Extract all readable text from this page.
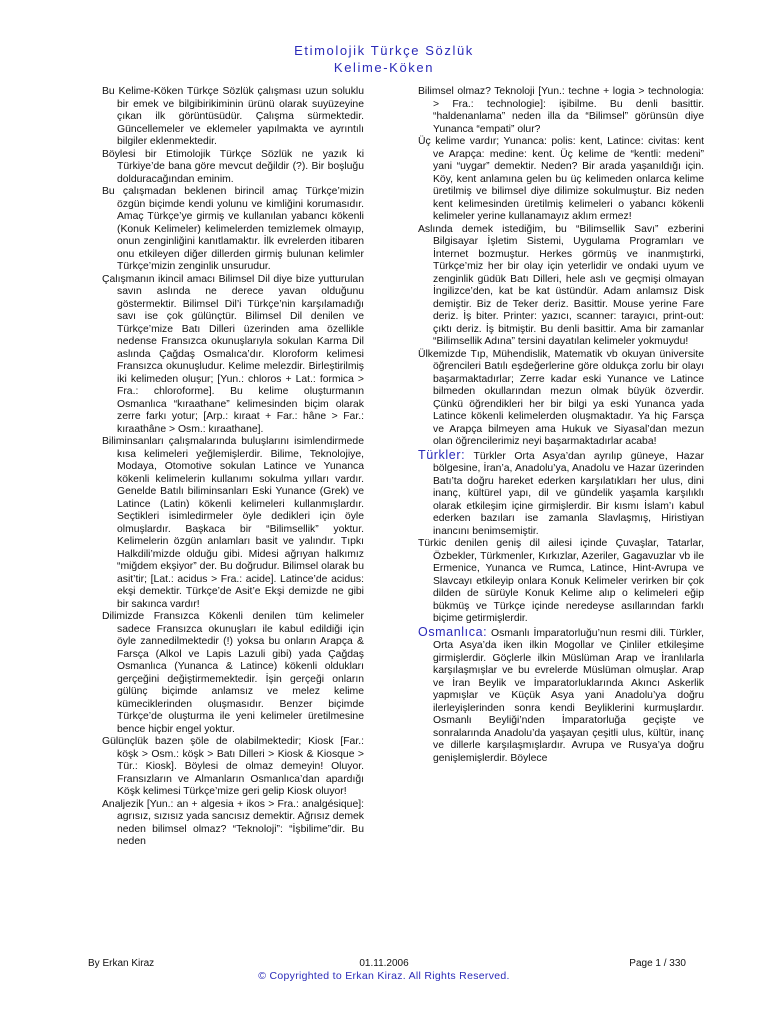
Etimolojik Türkçe Sözlük
Kelime-Köken

Bu Kelime-Köken Türkçe Sözlük çalışması uzun soluklu bir emek ve bilgibirikiminin ürünü olarak suyüzeyine çıkan ilk görüntüsüdür. Çalışma sürmektedir. Güncellemeler ve eklemeler yapılmakta ve ayrıntılı bilgiler eklenmektedir.

Böylesi bir Etimolojik Türkçe Sözlük ne yazık ki Türkiye’de bana göre mevcut değildir (?). Bir boşluğu dolduracağından eminim.

Bu çalışmadan beklenen birincil amaç Türkçe’mizin özgün biçimde kendi yolunu ve kimliğini korumasıdır. Amaç Türkçe’ye girmiş ve kullanılan yabancı kökenli (Konuk Kelimeler) kelimelerden temizlemek olmayıp, onun zenginliğini kanıtlamaktır. İlk evrelerden itibaren onu etkileyen diğer dillerden girmiş bulunan kelimler Türkçe’mizin zenginlik unsurudur.

Çalışmanın ikincil amacı Bilimsel Dil diye bize yutturulan savın aslında ne derece yavan olduğunu göstermektir. Bilimsel Dil’i Türkçe’nin karşılamadığı savı ise çok gülünçtür. Bilimsel Dil denilen ve Türkçe’mize Batı Dilleri üzerinden ama özellikle nedense Fransızca okunuşlarıyla sokulan Karma Dil aslında Çağdaş Osmalıca’dır. Kloroform kelimesi Fransızca okunuşludur. Kelime melezdir. Birleştirilmiş iki kelimeden oluşur; [Yun.: chloros + Lat.: formica > Fra.: chloroforme]. Bu kelime oluşturmanın Osmanlıca “kıraathane” kelimesinden biçim olarak zerre farkı yotur; [Arp.: kıraat + Far.: hâne > Far.: kıraathâne > Osm.: kıraathane].

Biliminsanları çalışmalarında buluşlarını isimlendirmede kısa kelimeleri yeğlemişlerdir. Bilime, Teknolojiye, Modaya, Otomotive sokulan Latince ve Yunanca kökenli kelimelerin kullanımı sokulma yılları vardır. Genelde Batılı biliminsanları Eski Yunance (Grek) ve Latince (Latin) kökenli kelimeleri kullanmışlardır. Seçtikleri isimledirmeler öyle dedikleri için öyle olmuşlardır. Başkaca bir “Bilimsellik” yoktur. Kelimelerin özgün anlamları basit ve yalındır. Tıpkı Halkdili’mizde olduğu gibi. Midesi ağrıyan halkımız “miğdem ekşiyor” der. Bu doğrudur. Bilimsel olarak bu asit’tir; [Lat.: acidus > Fra.: acide]. Latince’de acidus: ekşi demektir. Türkçe’de Asit’e Ekşi demizde ne gibi bir sakınca vardır!

Dilimizde Fransızca Kökenli denilen tüm kelimeler sadece Fransızca okunuşları ile kabul edildiği için öyle zannedilmektedir (!) yoksa bu onların Arapça & Farsça (Alkol ve Lapis Lazuli gibi) yada Çağdaş Osmanlıca (Yunanca & Latince) kökenli oldukları gerçeğini değiştirmemektedir. İşin gerçeği onların gülünç biçimde anlamsız ve melez kelime kümeciklerinden oluşmasıdır. Benzer biçimde Türkçe’de oluşturma ile yeni kelimeler üretilmesine bence hiçbir engel yoktur.

Gülünçlük bazen şöle de olabilmektedir; Kiosk [Far.: köşk > Osm.: köşk > Batı Dilleri > Kiosk & Kiosque > Tür.: Kiosk]. Böylesi de olmaz demeyin! Oluyor. Fransızların ve Almanların Osmanlıca’dan apardığı Köşk kelimesi Türkçe’mize geri gelip Kiosk oluyor!

Analjezik [Yun.: an + algesia + ikos > Fra.: analgésique]: agrısız, sızısız yada sancısız demektir. Ağrısız demek neden bilimsel olmaz? “Teknoloji”: “İşbilime”dir. Bu neden

Bilimsel olmaz? Teknoloji [Yun.: techne + logia > technologia: > Fra.: technologie]: işibilme. Bu denli basittir. “haldenanlama” neden illa da “Bilimsel” görünsün diye Yunanca “empati” olur?

Üç kelime vardır; Yunanca: polis: kent, Latince: civitas: kent ve Arapça: medine: kent. Üç kelime de “kentli: medeni” yani “uygar” demektir. Neden? Bir arada yaşanıldığı için. Köy, kent anlamına gelen bu üç kelimeden onlarca kelime üretilmiş ve bilimsel diye dilimize sokulmuştur. Biz neden kent kelimesinden üretilmiş kelimeleri o yabancı kökenli kelimeler yerine kullanamayız aklım ermez!

Aslında demek istediğim, bu “Bilimsellik Savı” ezberini Bilgisayar İşletim Sistemi, Uygulama Programları ve İnternet bozmuştur. Herkes görmüş ve inanmıştırki, Türkçe’miz her bir olay için yeterlidir ve ondaki uyum ve zenginlik güdük Batı Dilleri, hele aslı ve geçmişi olmayan İngilizce’den, kat be kat üstündür. Adam anlamsız Disk demiştir. Biz de Teker deriz. Basittir. Mouse yerine Fare deriz. İş biter. Printer: yazıcı, scanner: tarayıcı, print-out: çıktı deriz. İş bitmiştir. Bu denli basittir. Ama bir zamanlar “Bilimsellik Adına” tersini dayatılan kelimeler yokmuydu!

Ülkemizde Tıp, Mühendislik, Matematik vb okuyan üniversite öğrencileri Batılı eşdeğerlerine göre oldukça zorlu bir olayı başarmaktadırlar; Zerre kadar eski Yunance ve Latince bilmeden okullarından mezun olmak büyük özverdir. Çünkü öğrendikleri her bir bilgi ya eski Yunanca yada Latince kökenli kelimelerden oluşmaktadır. Ya hiç Farsça ve Arapça bilmeyen ama Hukuk ve Siyasal’dan mezun olan öğrencilerimiz neyi başarmaktadırlar acaba!

Türkler: Türkler Orta Asya’dan ayrılıp güneye, Hazar bölgesine, İran’a, Anadolu’ya, Anadolu ve Hazar üzerinden Batı’ta doğru hareket ederken karşılatıkları her ulus, dini inanç, kültürel yapı, dil ve gündelik yaşamla karşılıklı olarak etkileşim içine girmişlerdir. Bir kısmı İslam’ı kabul ederken bazıları ise zamanla Slavlaşmış, Hiristiyan inancını benimsemiştir.

Türkic denilen geniş dil ailesi içinde Çuvaşlar, Tatarlar, Özbekler, Türkmenler, Kırkızlar, Azeriler, Gagavuzlar vb ile Ermenice, Yunanca ve Rumca, Latince, Hint-Avrupa ve Slavcayı etkileyip onlara Konuk Kelimeler verirken bir çok dilden de sürüyle Konuk Kelime alıp o kelimeleri eğip bükmüş ve Türkçe içinde neredeyse asıllarından farklı biçime getirmişlerdir.

Osmanlıca: Osmanlı İmparatorluğu’nun resmi dili. Türkler, Orta Asya’da iken ilkin Mogollar ve Çinliler etkileşime girmişlerdir. Göçlerle ilkin Müslüman Arap ve İranlılarla karşılaşmışlar ve bu evrelerde Müslüman olmuşlar. Arap ve İran Beylik ve İmparatorluklarında Akıncı Askerlik yapmışlar ve Küçük Asya yani Anadolu’ya doğru ilerleyişlerinden sonra kendi Beyliklerini kurmuşlardır. Osmanlı Beyliği’nden İmparatorluğa geçişte ve sonralarında Anadolu’da yaşayan çeşitli ulus, kültür, inanç ve dillerle karşılaşmışlardır. Avrupa ve Rusya’ya doğru genişlemişlerdir. Böylece

By Erkan Kiraz	01.11.2006	Page 1 / 330
© Copyrighted to Erkan Kiraz. All Rights Reserved.
